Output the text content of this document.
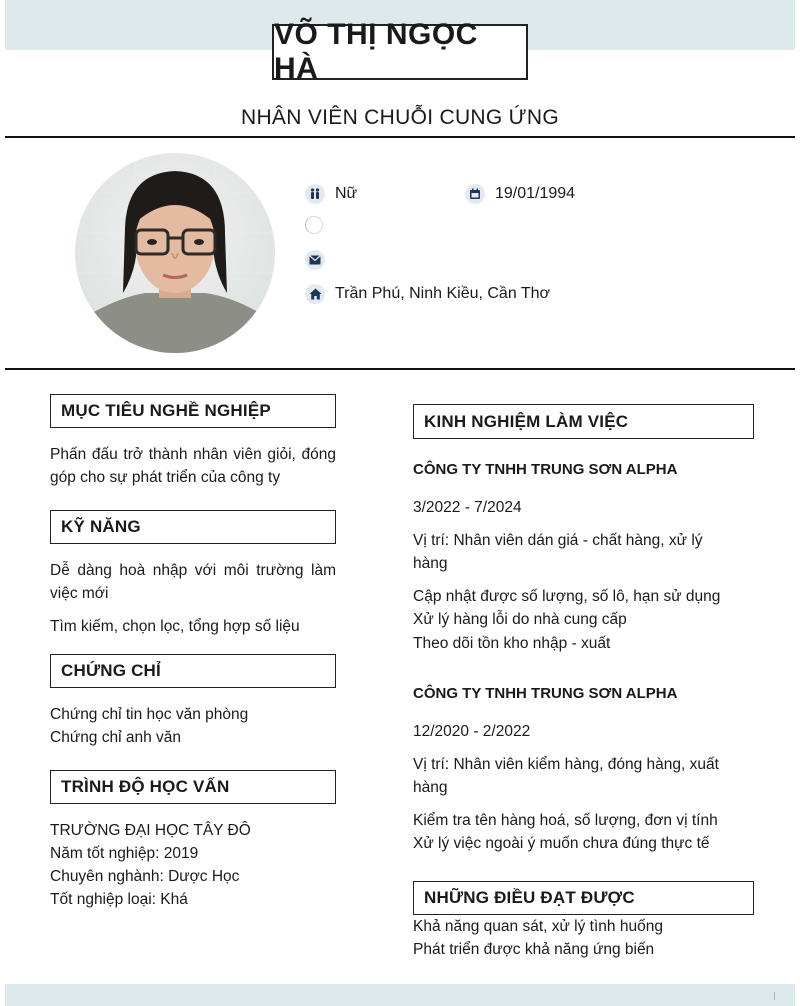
VÕ THỊ NGỌC HÀ
NHÂN VIÊN CHUỖI CUNG ỨNG
Nữ	19/01/1994
Trần Phú, Ninh Kiều, Cần Thơ
MỤC TIÊU NGHỀ NGHIỆP
Phấn đấu trở thành nhân viên giỏi, đóng
góp cho sự phát triển của công ty
KỸ NĂNG
Dễ dàng hoà nhập với môi trường làm
việc mới
Tìm kiếm, chọn lọc, tổng hợp số liệu
CHỨNG CHỈ
Chứng chỉ tin học văn phòng
Chứng chỉ anh văn
TRÌNH ĐỘ HỌC VẤN
TRƯỜNG ĐẠI HỌC TÂY ĐÔ
Năm tốt nghiệp: 2019
Chuyên nghành: Dược Học
Tốt nghiệp loại: Khá
KINH NGHIỆM LÀM VIỆC
CÔNG TY TNHH TRUNG SƠN ALPHA
3/2022 - 7/2024
Vị trí: Nhân viên dán giá - chất hàng, xử lý
hàng
Cập nhật được số lượng, số lô, hạn sử dụng
Xử lý hàng lỗi do nhà cung cấp
Theo dõi tồn kho nhập - xuất
CÔNG TY TNHH TRUNG SƠN ALPHA
12/2020 - 2/2022
Vị trí: Nhân viên kiểm hàng, đóng hàng, xuất
hàng
Kiểm tra tên hàng hoá, số lượng, đơn vị tính
Xử lý việc ngoài ý muốn chưa đúng thực tế
NHỮNG ĐIỀU ĐẠT ĐƯỢC
Khả năng quan sát, xử lý tình huống
Phát triển được khả năng ứng biến
